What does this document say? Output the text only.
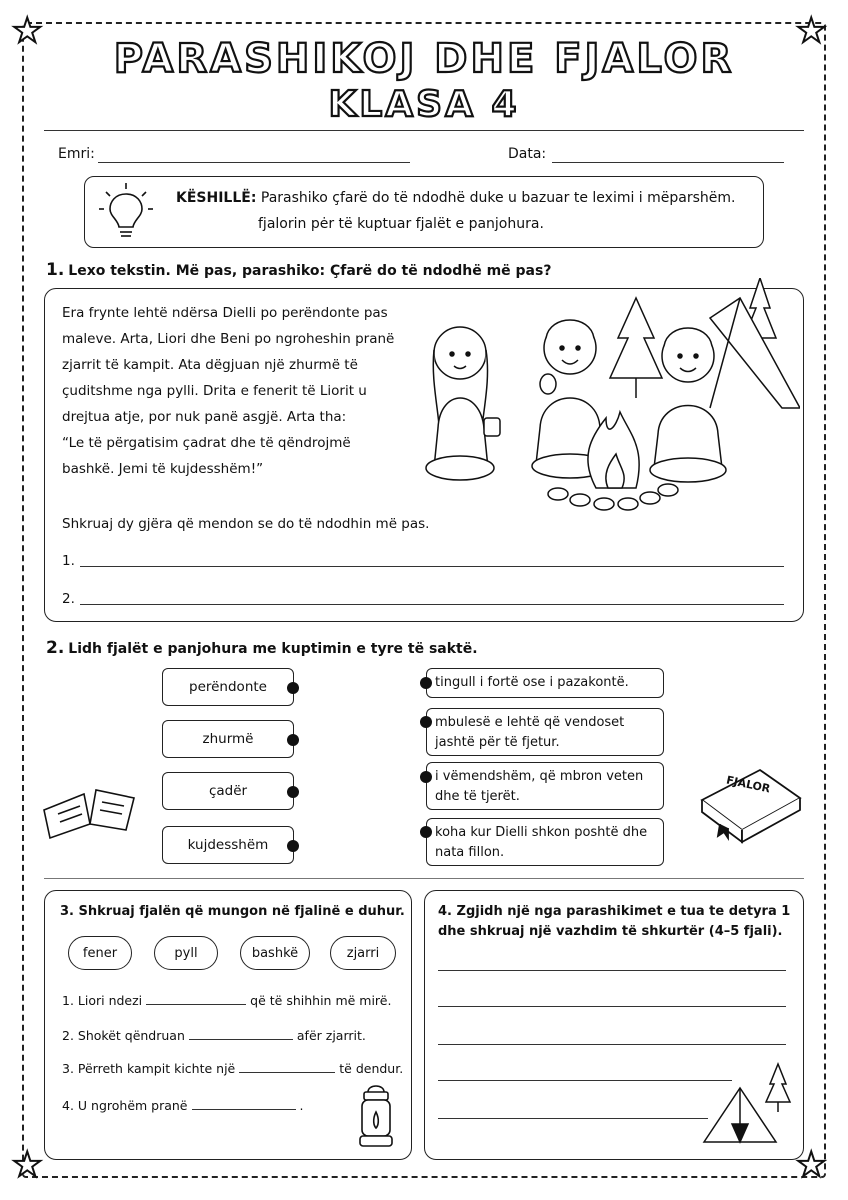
★	★
★	★
PARASHIKOJ DHE FJALOR
KLASA 4
Emri:	Data:
KËSHILLË: Parashiko çfarë do të ndodhë duke u bazuar te leximi i mëparshëm.
fjalorin pėr të kuptuar fjalët e panjohura.
1. Lexo tekstin. Më pas, parashiko: Çfarë do të ndodhë më pas?
Era frynte lehtë ndërsa Dielli po perëndonte pas
maleve. Arta, Liori dhe Beni po ngroheshin pranë
zjarrit të kampit. Ata dëgjuan një zhurmë të
çuditshme nga pylli. Drita e fenerit të Liorit u
drejtua atje, por nuk panë asgjë. Arta tha:
“Le të përgatisim çadrat dhe të qëndrojmë
bashkë. Jemi të kujdesshëm!”
Shkruaj dy gjëra që mendon se do të ndodhin më pas.
1.
2.
2. Lidh fjalët e panjohura me kuptimin e tyre të saktë.
perëndonte
zhurmë
çadër
kujdesshëm
tingull i fortë ose i pazakontë.
mbulesë e lehtë që vendoset jashtë për të fjetur.
i vëmendshëm, që mbron veten dhe të tjerët.
koha kur Dielli shkon poshtë dhe nata fillon.
FJALOR
3. Shkruaj fjalën që mungon në fjalinë e duhur.
fener	pyll	bashkë	zjarri
1. Liori ndezi	që të shihhin më mirë.
2. Shokët qëndruan	afër zjarrit.
3. Përreth kampit kichte një	të dendur.
4. U ngrohëm pranë	.
4. Zgjidh një nga parashikimet e tua te detyra 1
dhe shkruaj një vazhdim të shkurtër (4–5 fjali).
